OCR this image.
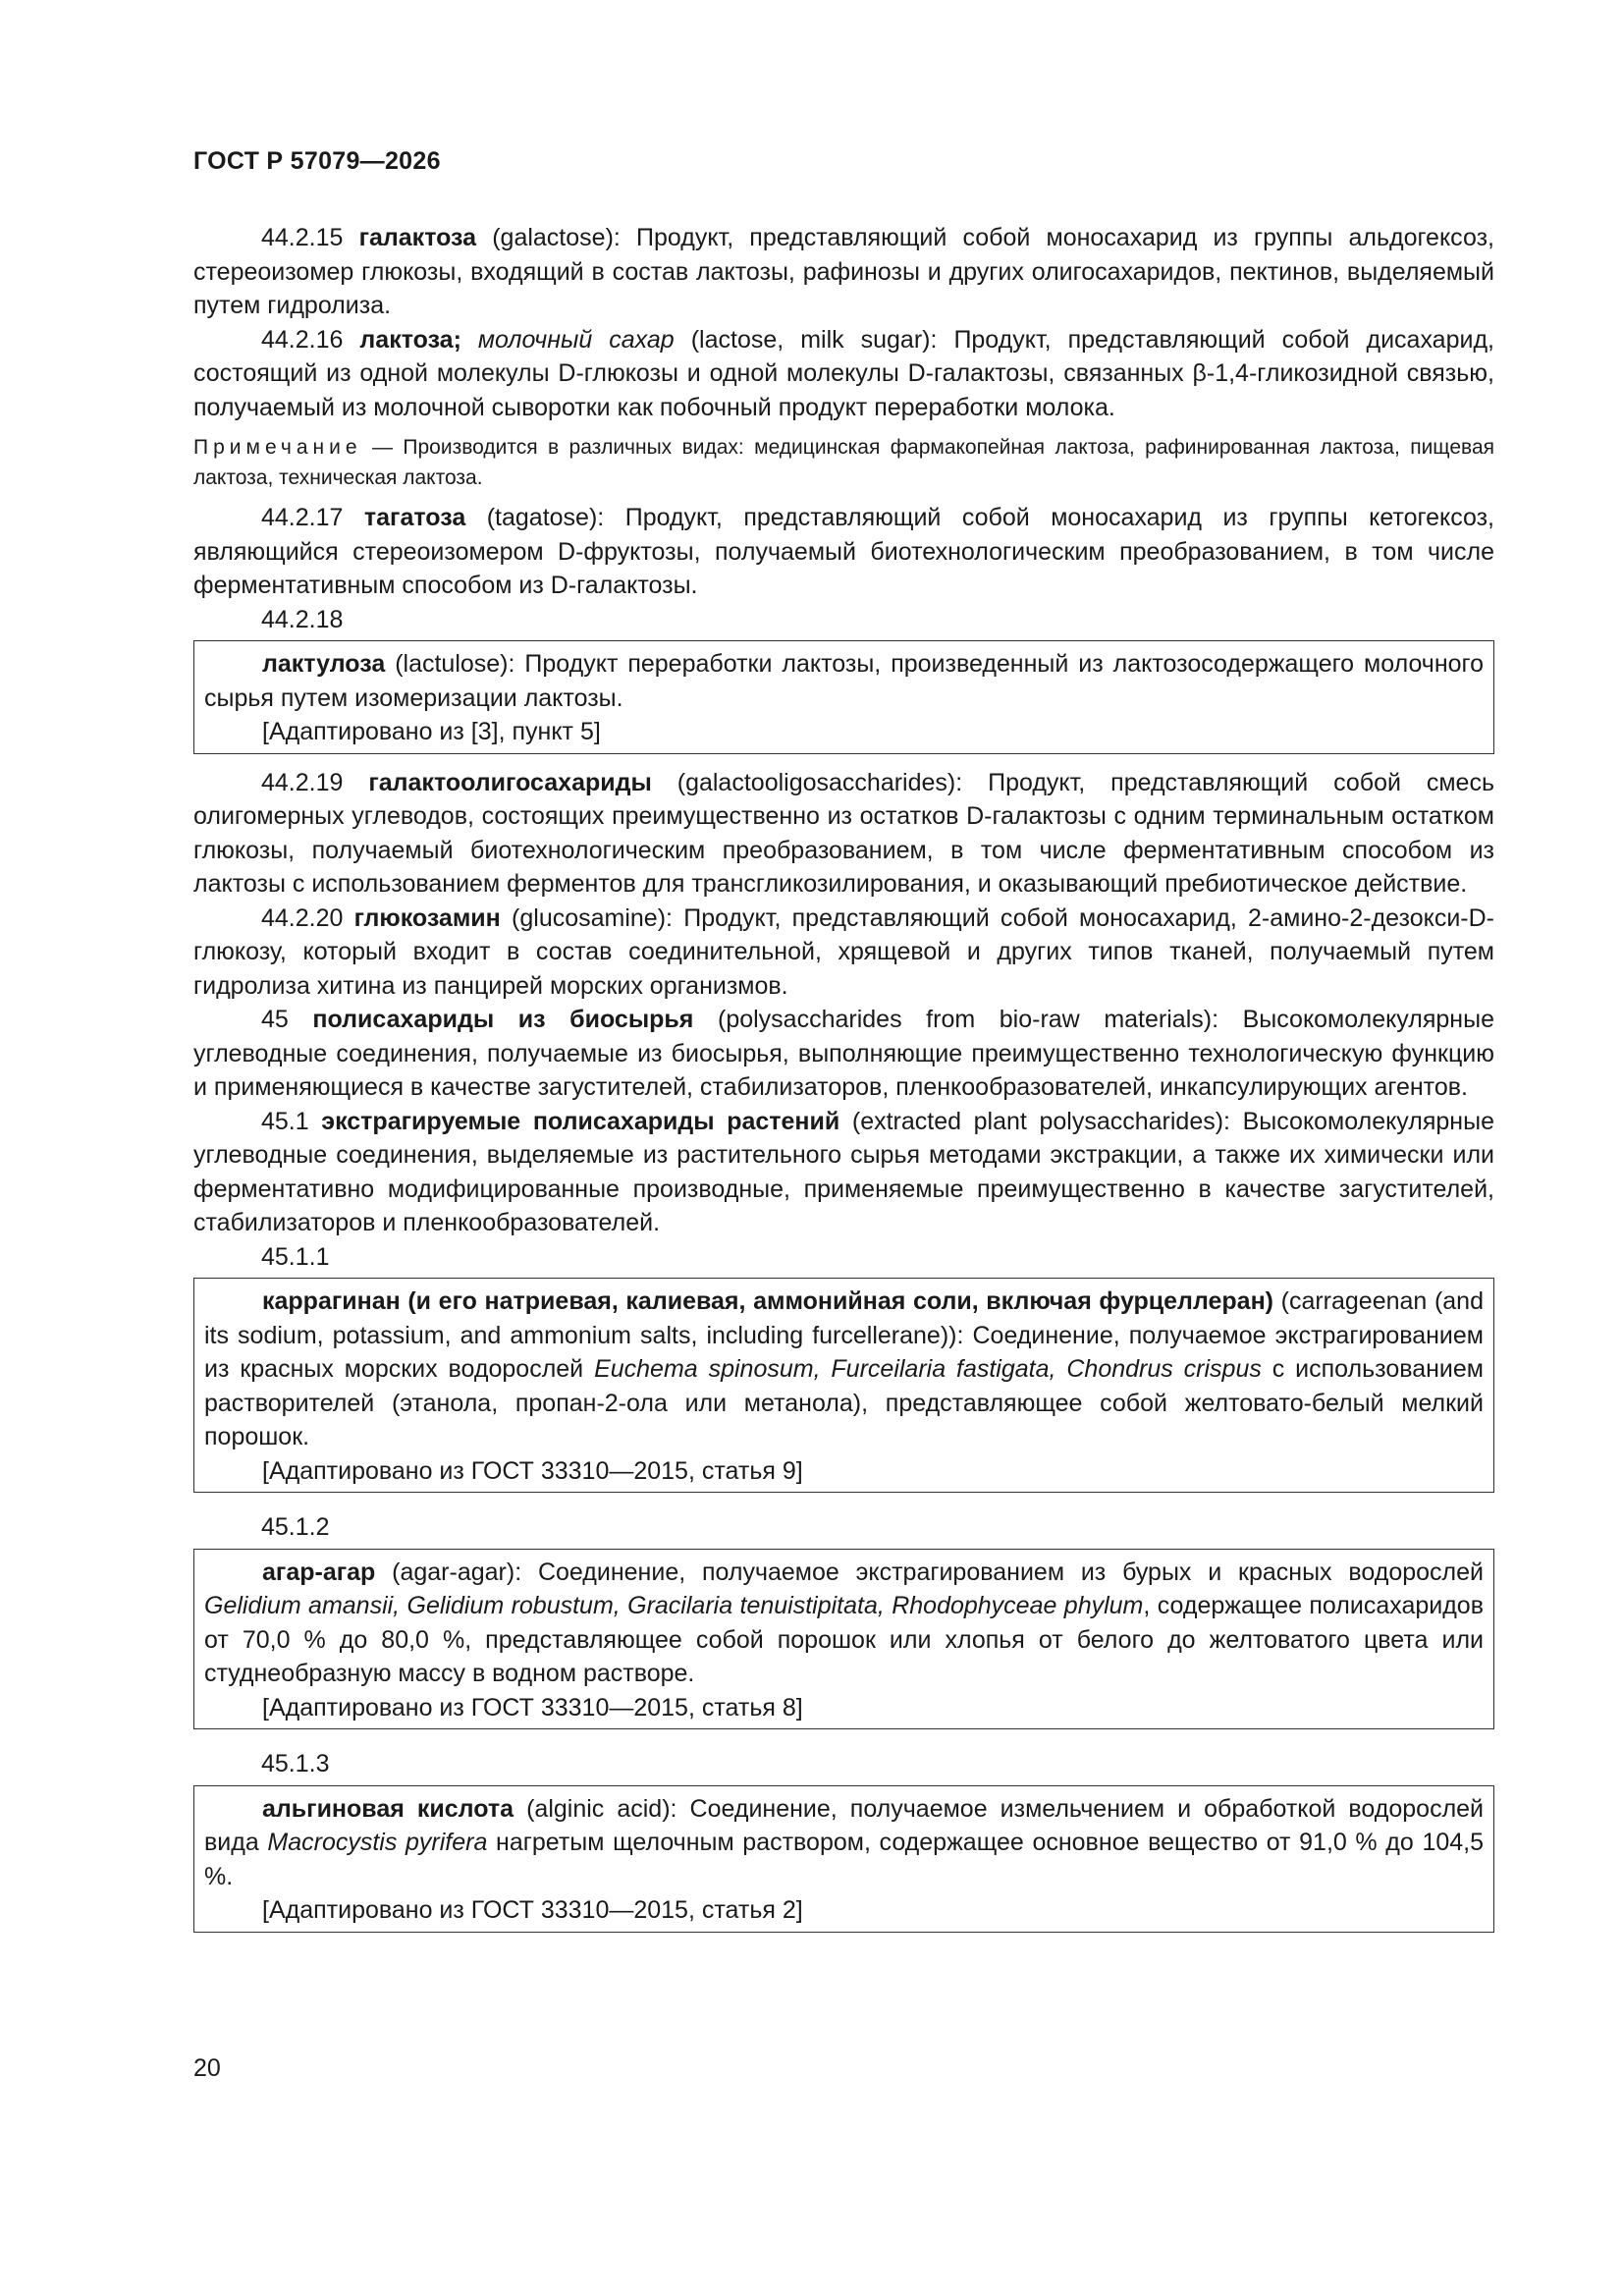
ГОСТ Р 57079—2026

44.2.15 галактоза (galactose): Продукт, представляющий собой моносахарид из группы альдогексоз, стереоизомер глюкозы, входящий в состав лактозы, рафинозы и других олигосахаридов, пектинов, выделяемый путем гидролиза.

44.2.16 лактоза; молочный сахар (lactose, milk sugar): Продукт, представляющий собой дисахарид, состоящий из одной молекулы D-глюкозы и одной молекулы D-галактозы, связанных β-1,4-гликозидной связью, получаемый из молочной сыворотки как побочный продукт переработки молока.

Примечание — Производится в различных видах: медицинская фармакопейная лактоза, рафинированная лактоза, пищевая лактоза, техническая лактоза.

44.2.17 тагатоза (tagatose): Продукт, представляющий собой моносахарид из группы кетогексоз, являющийся стереоизомером D-фруктозы, получаемый биотехнологическим преобразованием, в том числе ферментативным способом из D-галактозы.

44.2.18

лактулоза (lactulose): Продукт переработки лактозы, произведенный из лактозосодержащего молочного сырья путем изомеризации лактозы.

[Адаптировано из [3], пункт 5]

44.2.19 галактоолигосахариды (galactooligosaccharides): Продукт, представляющий собой смесь олигомерных углеводов, состоящих преимущественно из остатков D-галактозы с одним терминальным остатком глюкозы, получаемый биотехнологическим преобразованием, в том числе ферментативным способом из лактозы с использованием ферментов для трансгликозилирования, и оказывающий пребиотическое действие.

44.2.20 глюкозамин (glucosamine): Продукт, представляющий собой моносахарид, 2-амино-2-дезокси-D-глюкозу, который входит в состав соединительной, хрящевой и других типов тканей, получаемый путем гидролиза хитина из панцирей морских организмов.

45 полисахариды из биосырья (polysaccharides from bio-raw materials): Высокомолекулярные углеводные соединения, получаемые из биосырья, выполняющие преимущественно технологическую функцию и применяющиеся в качестве загустителей, стабилизаторов, пленкообразователей, инкапсулирующих агентов.

45.1 экстрагируемые полисахариды растений (extracted plant polysaccharides): Высокомолекулярные углеводные соединения, выделяемые из растительного сырья методами экстракции, а также их химически или ферментативно модифицированные производные, применяемые преимущественно в качестве загустителей, стабилизаторов и пленкообразователей.

45.1.1

каррагинан (и его натриевая, калиевая, аммонийная соли, включая фурцеллеран) (carrageenan (and its sodium, potassium, and ammonium salts, including furcellerane)): Соединение, получаемое экстрагированием из красных морских водорослей Euchema spinosum, Furceilaria fastigata, Chondrus crispus с использованием растворителей (этанола, пропан-2-ола или метанола), представляющее собой желтовато-белый мелкий порошок.

[Адаптировано из ГОСТ 33310—2015, статья 9]

45.1.2

агар-агар (agar-agar): Соединение, получаемое экстрагированием из бурых и красных водорослей Gelidium amansii, Gelidium robustum, Gracilaria tenuistipitata, Rhodophyceae phylum, содержащее полисахаридов от 70,0 % до 80,0 %, представляющее собой порошок или хлопья от белого до желтоватого цвета или студнеобразную массу в водном растворе.

[Адаптировано из ГОСТ 33310—2015, статья 8]

45.1.3

альгиновая кислота (alginic acid): Соединение, получаемое измельчением и обработкой водорослей вида Macrocystis pyrifera нагретым щелочным раствором, содержащее основное вещество от 91,0 % до 104,5 %.

[Адаптировано из ГОСТ 33310—2015, статья 2]

20
